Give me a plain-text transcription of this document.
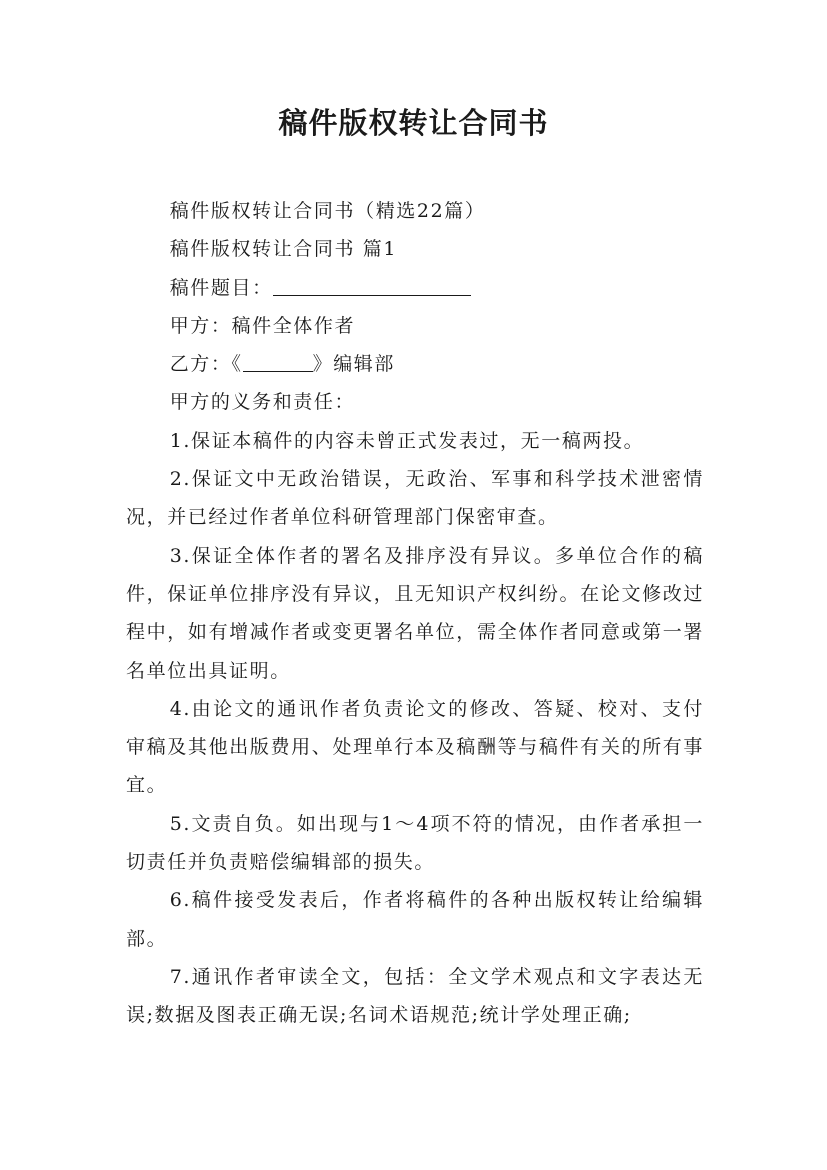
稿件版权转让合同书

稿件版权转让合同书（精选22篇）

稿件版权转让合同书 篇1

稿件题目：

甲方：稿件全体作者

乙方：《	》编辑部

甲方的义务和责任：

1.保证本稿件的内容未曾正式发表过，无一稿两投。

2.保证文中无政治错误，无政治、军事和科学技术泄密情况，并已经过作者单位科研管理部门保密审查。

3.保证全体作者的署名及排序没有异议。多单位合作的稿件，保证单位排序没有异议，且无知识产权纠纷。在论文修改过程中，如有增减作者或变更署名单位，需全体作者同意或第一署名单位出具证明。

4.由论文的通讯作者负责论文的修改、答疑、校对、支付审稿及其他出版费用、处理单行本及稿酬等与稿件有关的所有事宜。

5.文责自负。如出现与1～4项不符的情况，由作者承担一切责任并负责赔偿编辑部的损失。

6.稿件接受发表后，作者将稿件的各种出版权转让给编辑部。

7.通讯作者审读全文，包括：全文学术观点和文字表达无误;数据及图表正确无误;名词术语规范;统计学处理正确;
